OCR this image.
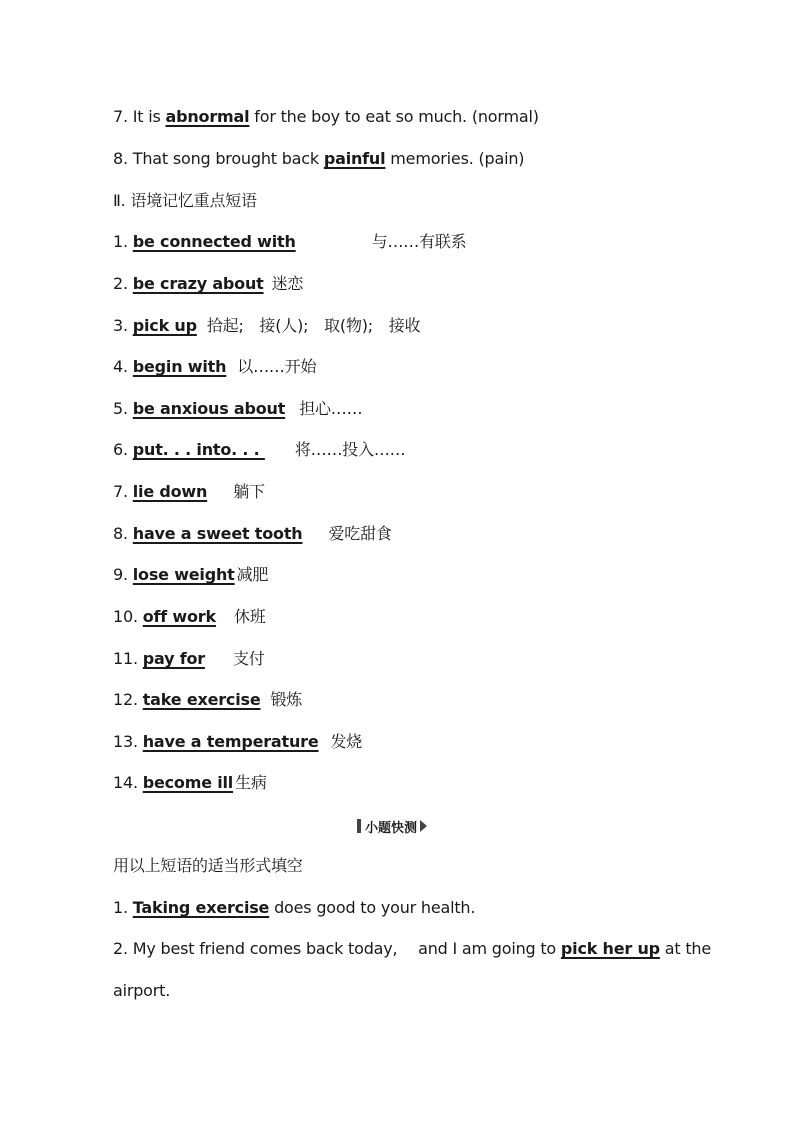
7. It is abnormal for the boy to eat so much. (normal)
8. That song brought back painful memories. (pain)
Ⅱ. 语境记忆重点短语
1. be connected with	与……有联系
2. be crazy about 迷恋
3. pick up 拾起;　接(人);　取(物);　接收
4. begin with 以……开始
5. be anxious about 担心……
6. put. . . into. . . 将……投入……
7. lie down 躺下
8. have a sweet tooth 爱吃甜食
9. lose weight 减肥
10. off work 休班
11. pay for 支付
12. take exercise 锻炼
13. have a temperature 发烧
14. become ill 生病
小题快测
用以上短语的适当形式填空
1. Taking exercise does good to your health.
2. My best friend comes back today,　 and I am going to pick her up at the
airport.
